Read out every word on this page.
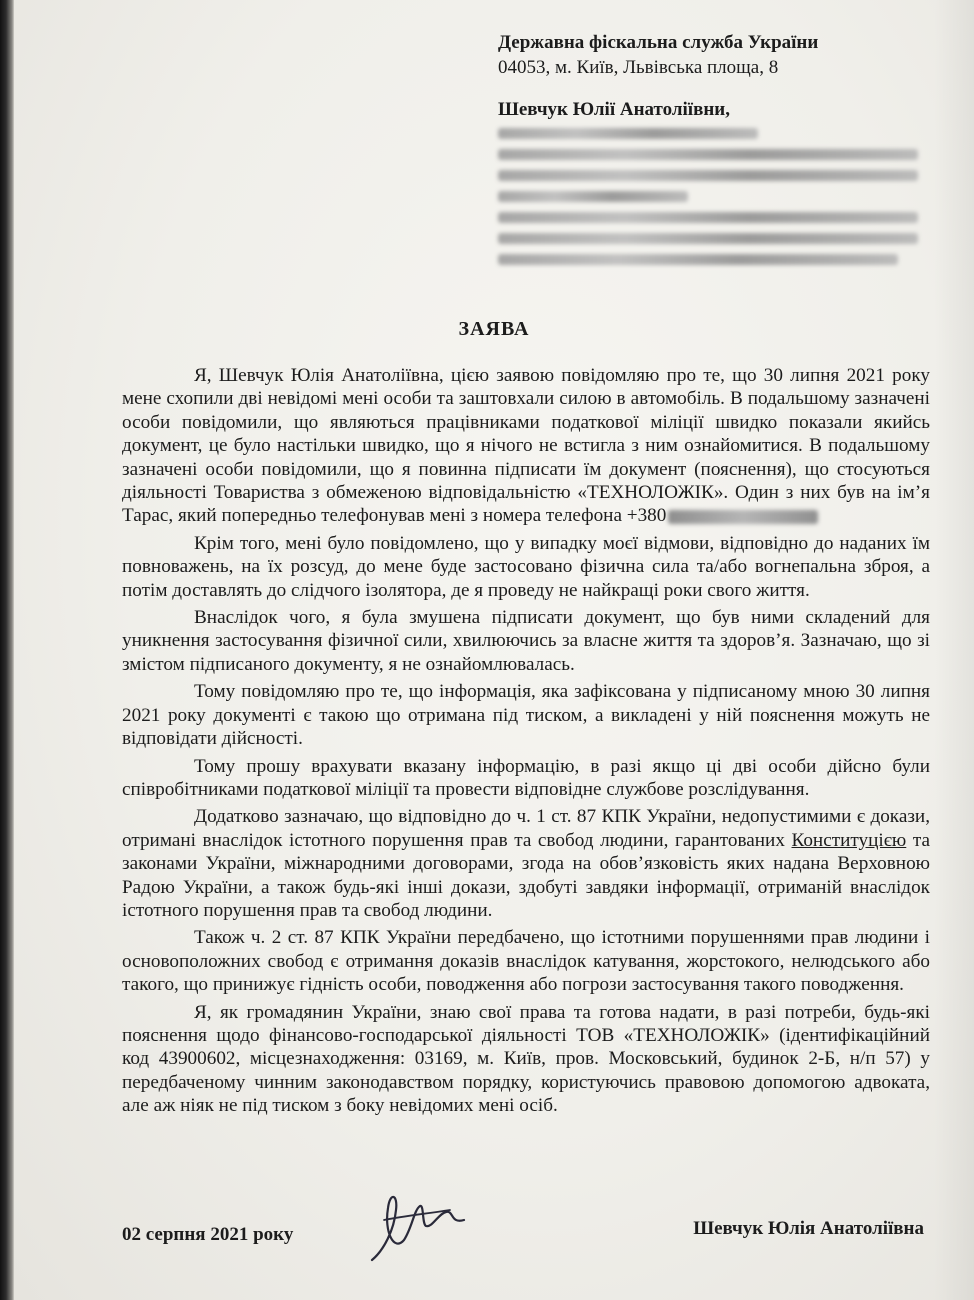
Державна фіскальна служба України
04053, м. Київ, Львівська площа, 8
Шевчук Юлії Анатоліївни,
ЗАЯВА

Я, Шевчук Юлія Анатоліївна, цією заявою повідомляю про те, що 30 липня 2021 року мене схопили дві невідомі мені особи та заштовхали силою в автомобіль. В подальшому зазначені особи повідомили, що являються працівниками податкової міліції швидко показали якийсь документ, це було настільки швидко, що я нічого не встигла з ним ознайомитися. В подальшому зазначені особи повідомили, що я повинна підписати їм документ (пояснення), що стосуються діяльності Товариства з обмеженою відповідальністю «ТЕХНОЛОЖІК». Один з них був на ім’я Тарас, який попередньо телефонував мені з номера телефона +380

Крім того, мені було повідомлено, що у випадку моєї відмови, відповідно до наданих їм повноважень, на їх розсуд, до мене буде застосовано фізична сила та/або вогнепальна зброя, а потім доставлять до слідчого ізолятора, де я проведу не найкращі роки свого життя.

Внаслідок чого, я була змушена підписати документ, що був ними складений для уникнення застосування фізичної сили, хвилюючись за власне життя та здоров’я. Зазначаю, що зі змістом підписаного документу, я не ознайомлювалась.

Тому повідомляю про те, що інформація, яка зафіксована у підписаному мною 30 липня 2021 року документі є такою що отримана під тиском, а викладені у ній пояснення можуть не відповідати дійсності.

Тому прошу врахувати вказану інформацію, в разі якщо ці дві особи дійсно були співробітниками податкової міліції та провести відповідне службове розслідування.

Додатково зазначаю, що відповідно до ч. 1 ст. 87 КПК України, недопустимими є докази, отримані внаслідок істотного порушення прав та свобод людини, гарантованих Конституцією та законами України, міжнародними договорами, згода на обов’язковість яких надана Верховною Радою України, а також будь-які інші докази, здобуті завдяки інформації, отриманій внаслідок істотного порушення прав та свобод людини.

Також ч. 2 ст. 87 КПК України передбачено, що істотними порушеннями прав людини і основоположних свобод є отримання доказів внаслідок катування, жорстокого, нелюдського або такого, що принижує гідність особи, поводження або погрози застосування такого поводження.

Я, як громадянин України, знаю свої права та готова надати, в разі потреби, будь-які пояснення щодо фінансово-господарської діяльності ТОВ «ТЕХНОЛОЖІК» (ідентифікаційний код 43900602, місцезнаходження: 03169, м. Київ, пров. Московський, будинок 2-Б, н/п 57) у передбаченому чинним законодавством порядку, користуючись правовою допомогою адвоката, але аж ніяк не під тиском з боку невідомих мені осіб.

02 серпня 2021 року	Шевчук Юлія Анатоліївна
